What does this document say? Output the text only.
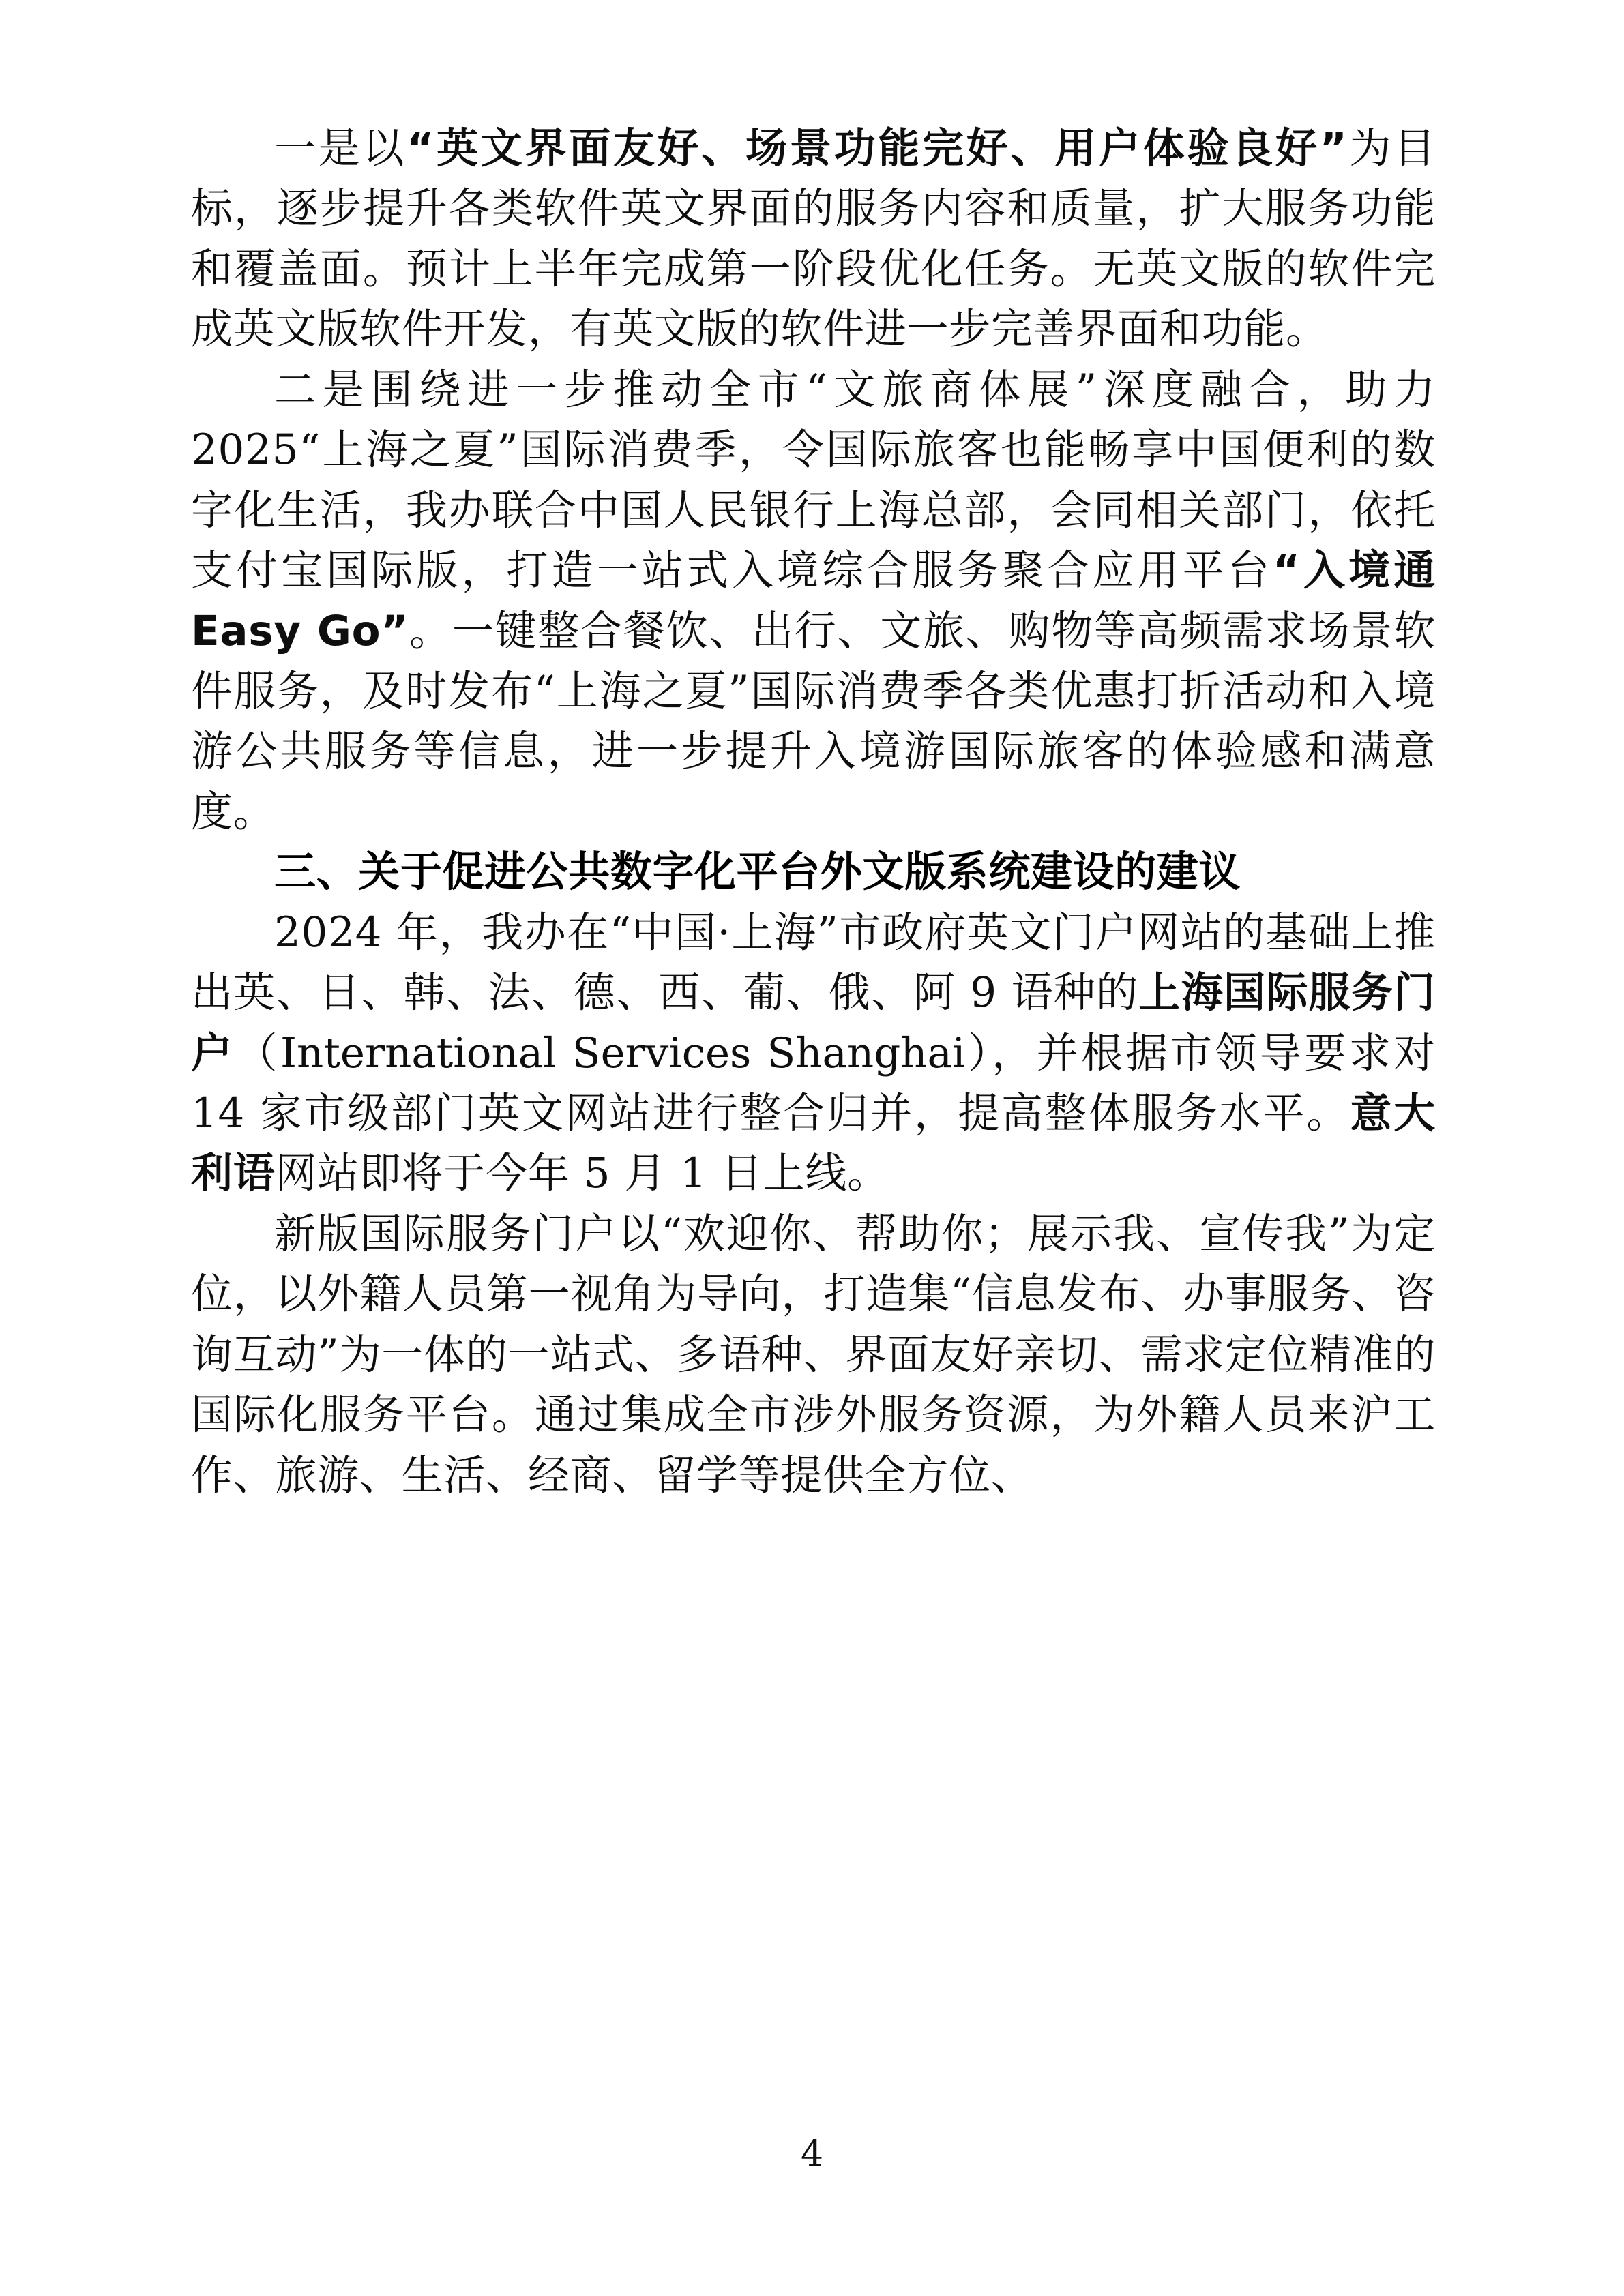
一是以“英文界面友好、场景功能完好、用户体验良好”为目标，逐步提升各类软件英文界面的服务内容和质量，扩大服务功能和覆盖面。预计上半年完成第一阶段优化任务。无英文版的软件完成英文版软件开发，有英文版的软件进一步完善界面和功能。

二是围绕进一步推动全市“文旅商体展”深度融合，助力 2025“上海之夏”国际消费季，令国际旅客也能畅享中国便利的数字化生活，我办联合中国人民银行上海总部，会同相关部门，依托支付宝国际版，打造一站式入境综合服务聚合应用平台“入境通 Easy Go”。一键整合餐饮、出行、文旅、购物等高频需求场景软件服务，及时发布“上海之夏”国际消费季各类优惠打折活动和入境游公共服务等信息，进一步提升入境游国际旅客的体验感和满意度。

三、关于促进公共数字化平台外文版系统建设的建议

2024 年，我办在“中国·上海”市政府英文门户网站的基础上推出英、日、韩、法、德、西、葡、俄、阿 9 语种的上海国际服务门户（International Services Shanghai），并根据市领导要求对 14 家市级部门英文网站进行整合归并，提高整体服务水平。意大利语网站即将于今年 5 月 1 日上线。

新版国际服务门户以“欢迎你、帮助你；展示我、宣传我”为定位，以外籍人员第一视角为导向，打造集“信息发布、办事服务、咨询互动”为一体的一站式、多语种、界面友好亲切、需求定位精准的国际化服务平台。通过集成全市涉外服务资源，为外籍人员来沪工作、旅游、生活、经商、留学等提供全方位、

4
